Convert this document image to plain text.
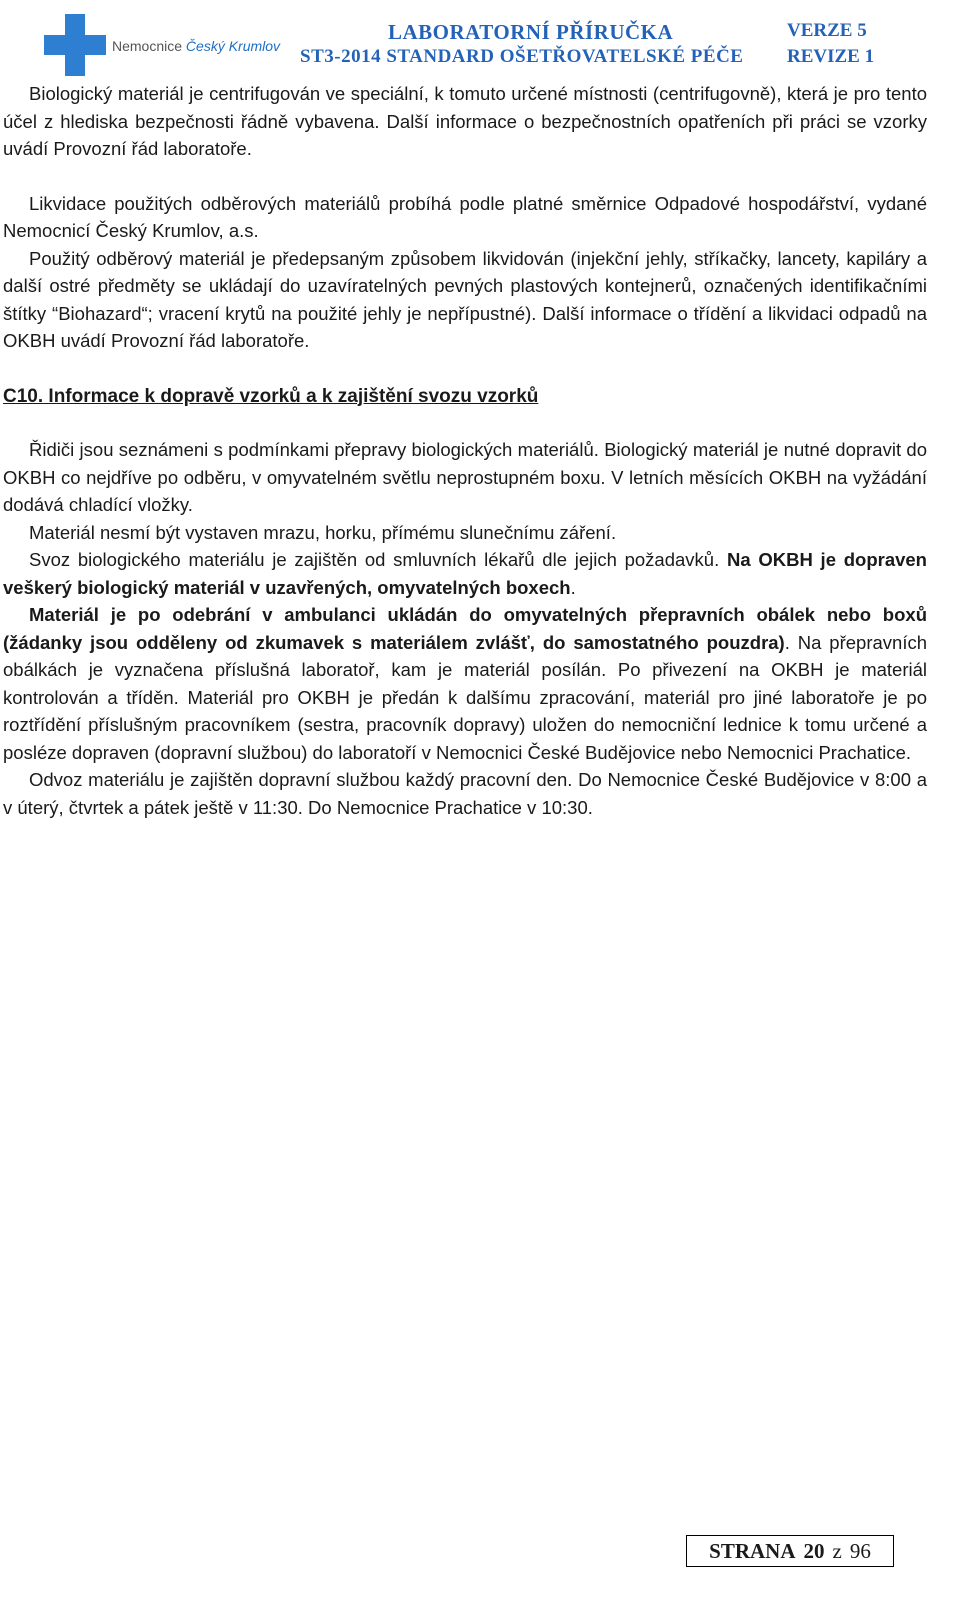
Nemocnice Český Krumlov
LABORATORNÍ PŘÍRUČKA
ST3-2014 STANDARD OŠETŘOVATELSKÉ PÉČE
VERZE 5
REVIZE 1

Biologický materiál je centrifugován ve speciální, k tomuto určené místnosti (centrifugovně), která je pro tento účel z hlediska bezpečnosti řádně vybavena. Další informace o bezpečnostních opatřeních při práci se vzorky uvádí Provozní řád laboratoře.

Likvidace použitých odběrových materiálů probíhá podle platné směrnice Odpadové hospodářství, vydané Nemocnicí Český Krumlov, a.s.

Použitý odběrový materiál je předepsaným způsobem likvidován (injekční jehly, stříkačky, lancety, kapiláry a další ostré předměty se ukládají do uzavíratelných pevných plastových kontejnerů, označených identifikačními štítky “Biohazard“; vracení krytů na použité jehly je nepřípustné). Další informace o třídění a likvidaci odpadů na OKBH uvádí Provozní řád laboratoře.

C10. Informace k dopravě vzorků a k zajištění svozu vzorků

Řidiči jsou seznámeni s podmínkami přepravy biologických materiálů. Biologický materiál je nutné dopravit do OKBH co nejdříve po odběru, v omyvatelném světlu neprostupném boxu. V letních měsících OKBH na vyžádání dodává chladící vložky.

Materiál nesmí být vystaven mrazu, horku, přímému slunečnímu záření.

Svoz biologického materiálu je zajištěn od smluvních lékařů dle jejich požadavků. Na OKBH je dopraven veškerý biologický materiál v uzavřených, omyvatelných boxech.

Materiál je po odebrání v ambulanci ukládán do omyvatelných přepravních obálek nebo boxů (žádanky jsou odděleny od zkumavek s materiálem zvlášť, do samostatného pouzdra). Na přepravních obálkách je vyznačena příslušná laboratoř, kam je materiál posílán. Po přivezení na OKBH je materiál kontrolován a tříděn. Materiál pro OKBH je předán k dalšímu zpracování, materiál pro jiné laboratoře je po roztřídění příslušným pracovníkem (sestra, pracovník dopravy) uložen do nemocniční lednice k tomu určené a posléze dopraven (dopravní službou) do laboratoří v Nemocnici České Budějovice nebo Nemocnici Prachatice.

Odvoz materiálu je zajištěn dopravní službou každý pracovní den. Do Nemocnice České Budějovice v 8:00 a v úterý, čtvrtek a pátek ještě v 11:30. Do Nemocnice Prachatice v 10:30.

STRANA 20 z 96
